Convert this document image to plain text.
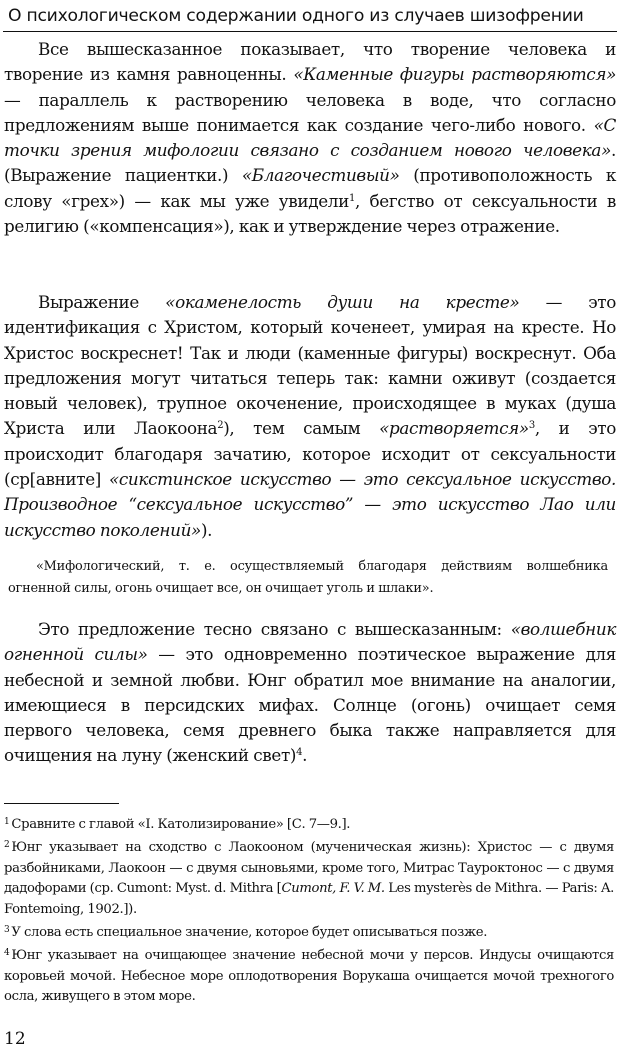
О психологическом содержании одного из случаев шизофрении

Все вышесказанное показывает, что творение человека и творение из камня равноценны. «Каменные фигуры растворяются» — параллель к растворению человека в воде, что согласно предложениям выше понимается как создание чего-либо нового. «С точки зрения мифологии связано с созданием нового человека». (Выражение пациентки.) «Благочестивый» (противоположность к слову «грех») — как мы уже увидели$^1$, бегство от сексуальности в религию («компенсация»), как и утверждение через отражение.

Выражение «окаменелость души на кресте» — это идентификация с Христом, который коченеет, умирая на кресте. Но Христос воскреснет! Так и люди (каменные фигуры) воскреснут. Оба предложения могут читаться теперь так: камни оживут (создается новый человек), трупное окоченение, происходящее в муках (душа Христа или Лаокоона$^2$), тем самым «растворяется»$^3$, и это происходит благодаря зачатию, которое исходит от сексуальности (ср[авните] «сикстинское искусство — это сексуальное искусство. Производное “сексуальное искусство” — это искусство Лао или искусство поколений»).

«Мифологический, т. е. осуществляемый благодаря действиям волшебника огненной силы, огонь очищает все, он очищает уголь и шлаки».

Это предложение тесно связано с вышесказанным: «волшебник огненной силы» — это одновременно поэтическое выражение для небесной и земной любви. Юнг обратил мое внимание на аналогии, имеющиеся в персидских мифах. Солнце (огонь) очищает семя первого человека, семя древнего быка также направляется для очищения на луну (женский свет)$^4$.

$^1$ Сравните с главой «I. Католизирование» [С. 7—9.].

$^2$ Юнг указывает на сходство с Лаокооном (мученическая жизнь): Христос — с двумя разбойниками, Лаокоон — с двумя сыновьями, кроме того, Митрас Тауроктонос — с двумя дадофорами (ср. Cumont: Myst. d. Mithra [Cumont, F. V. M. Les mysterès de Mithra. — Paris: A. Fontemoing, 1902.]).

$^3$ У слова есть специальное значение, которое будет описываться позже.

$^4$ Юнг указывает на очищающее значение небесной мочи у персов. Индусы очищаются коровьей мочой. Небесное море оплодотворения Ворукаша очищается мочой трехногого осла, живущего в этом море.

12
